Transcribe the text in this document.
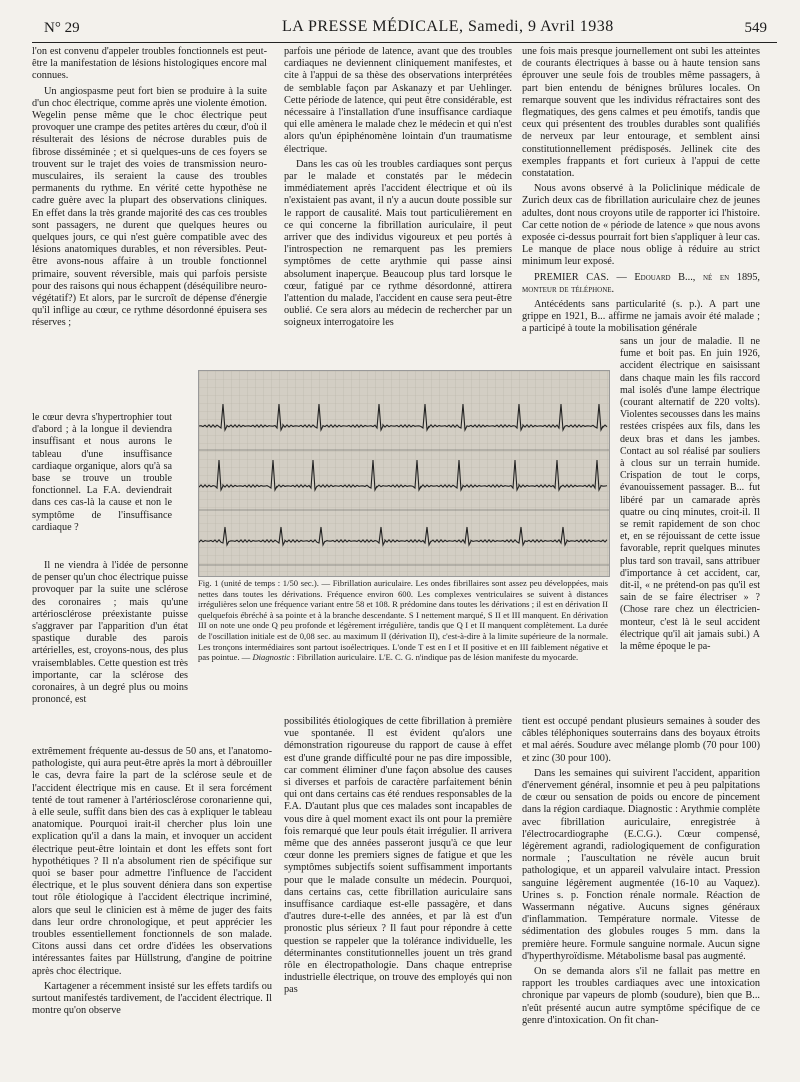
N° 29	LA PRESSE MÉDICALE, Samedi, 9 Avril 1938	549

l'on est convenu d'appeler troubles fonctionnels est peut-être la manifestation de lésions histologiques encore mal connues.

Un angiospasme peut fort bien se produire à la suite d'un choc électrique, comme après une violente émotion. Wegelin pense même que le choc électrique peut provoquer une crampe des petites artères du cœur, d'où il résulterait des lésions de nécrose durables puis de fibrose disséminée ; et si quelques-uns de ces foyers se trouvent sur le trajet des voies de transmission neuro-musculaires, ils seraient la cause des troubles permanents du rythme. En vérité cette hypothèse ne cadre guère avec la plupart des observations cliniques. En effet dans la très grande majorité des cas ces troubles sont passagers, ne durent que quelques heures ou quelques jours, ce qui n'est guère compatible avec des lésions anatomiques durables, et non réversibles. Peut-être avons-nous affaire à un trouble fonctionnel primaire, souvent réversible, mais qui parfois persiste pour des raisons qui nous échappent (déséquilibre neuro-végétatif?) Et alors, par le surcroît de dépense d'énergie qu'il inflige au cœur, ce rythme désordonné épuisera ses réserves ;

le cœur devra s'hypertrophier tout d'abord ; à la longue il deviendra insuffisant et nous aurons le tableau d'une insuffisance cardiaque organique, alors qu'à sa base se trouve un trouble fonctionnel. La F.A. deviendrait dans ces cas-là la cause et non le symptôme de l'insuffisance cardiaque ?

Il ne viendra à l'idée de personne de penser qu'un choc électrique puisse provoquer par la suite une sclérose des coronaires ; mais qu'une artériosclérose préexistante puisse s'aggraver par l'apparition d'un état spastique durable des parois artérielles, est, croyons-nous, des plus vraisemblables. Cette question est très importante, car la sclérose des coronaires, à un degré plus ou moins prononcé, est

extrêmement fréquente au-dessus de 50 ans, et l'anatomo-pathologiste, qui aura peut-être après la mort à débrouiller le cas, devra faire la part de la sclérose seule et de l'accident électrique mis en cause. Et il sera forcément tenté de tout ramener à l'artériosclérose coronarienne qui, à elle seule, suffit dans bien des cas à expliquer le tableau anatomique. Pourquoi irait-il chercher plus loin une explication qu'il a dans la main, et invoquer un accident électrique peut-être lointain et dont les effets sont fort hypothétiques ? Il n'a absolument rien de spécifique sur quoi se baser pour admettre l'influence de l'accident électrique, et le plus souvent déniera dans son expertise tout rôle étiologique à l'accident électrique incriminé, alors que seul le clinicien est à même de juger des faits dans leur ordre chronologique, et peut apprécier les troubles essentiellement fonctionnels de son malade. Citons aussi dans cet ordre d'idées les observations intéressantes faites par Hüllstrung, d'angine de poitrine après choc électrique.

Kartagener a récemment insisté sur les effets tardifs ou surtout manifestés tardivement, de l'accident électrique. Il montre qu'on observe

parfois une période de latence, avant que des troubles cardiaques ne deviennent cliniquement manifestes, et cite à l'appui de sa thèse des observations interprétées de semblable façon par Askanazy et par Uehlinger. Cette période de latence, qui peut être considérable, est nécessaire à l'installation d'une insuffisance cardiaque qui elle amènera le malade chez le médecin et qui n'est alors qu'un épiphénomène lointain d'un traumatisme électrique.

Dans les cas où les troubles cardiaques sont perçus par le malade et constatés par le médecin immédiatement après l'accident électrique et où ils n'existaient pas avant, il n'y a aucun doute possible sur le rapport de causalité. Mais tout particulièrement en ce qui concerne la fibrillation auriculaire, il peut arriver que des individus vigoureux et peu portés à l'introspection ne remarquent pas les premiers symptômes de cette arythmie qui passe ainsi absolument inaperçue. Beaucoup plus tard lorsque le cœur, fatigué par ce rythme désordonné, attirera l'attention du malade, l'accident en cause sera peut-être oublié. Ce sera alors au médecin de rechercher par un soigneux interrogatoire les

une fois mais presque journellement ont subi les atteintes de courants électriques à basse ou à haute tension sans éprouver une seule fois de troubles même passagers, à part bien entendu de bénignes brûlures locales. On remarque souvent que les individus réfractaires sont des flegmatiques, des gens calmes et peu émotifs, tandis que ceux qui présentent des troubles durables sont qualifiés de nerveux par leur entourage, et semblent ainsi constitutionnellement prédisposés. Jellinek cite des exemples frappants et fort curieux à l'appui de cette constatation.

Nous avons observé à la Policlinique médicale de Zurich deux cas de fibrillation auriculaire chez de jeunes adultes, dont nous croyons utile de rapporter ici l'histoire. Car cette notion de « période de latence » que nous avons exposée ci-dessus pourrait fort bien s'appliquer à leur cas. Le manque de place nous oblige à réduire au strict minimum leur exposé.

PREMIER CAS. — Edouard B..., né en 1895, monteur de téléphone.

Antécédents sans particularité (s. p.). A part une grippe en 1921, B... affirme ne jamais avoir été malade ; a participé à toute la mobilisation générale

sans un jour de maladie. Il ne fume et boit pas. En juin 1926, accident électrique en saisissant dans chaque main les fils raccord mal isolés d'une lampe électrique (courant alternatif de 220 volts). Violentes secousses dans les mains restées crispées aux fils, dans les deux bras et dans les jambes. Contact au sol réalisé par souliers à clous sur un terrain humide. Crispation de tout le corps, évanouissement passager. B... fut libéré par un camarade après quatre ou cinq minutes, croit-il. Il se remit rapidement de son choc et, en se réjouissant de cette issue favorable, reprit quelques minutes plus tard son travail, sans attribuer d'importance à cet accident, car, dit-il, « ne prétend-on pas qu'il est sain de se faire électriser » ? (Chose rare chez un électricien-monteur, c'est là le seul accident électrique qu'il ait jamais subi.) A la même époque le pa-

Fig. 1 (unité de temps : 1/50 sec.). — Fibrillation auriculaire. Les ondes fibrillaires sont assez peu développées, mais nettes dans toutes les dérivations. Fréquence environ 600. Les complexes ventriculaires se suivent à distances irrégulières selon une fréquence variant entre 58 et 108. R prédomine dans toutes les dérivations ; il est en dérivation II quelquefois ébréché à sa pointe et à la branche descendante. S I nettement marqué, S II et III manquent. En dérivation III on note une onde Q peu profonde et légèrement irrégulière, tandis que Q I et II manquent complètement. La durée de l'oscillation initiale est de 0,08 sec. au maximum II (dérivation II), c'est-à-dire à la limite supérieure de la normale. Les tronçons intermédiaires sont partout isoélectriques. L'onde T est en I et II positive et en III faiblement négative et pas pointue. — Diagnostic : Fibrillation auriculaire. L'E. C. G. n'indique pas de lésion manifeste du myocarde.

possibilités étiologiques de cette fibrillation à première vue spontanée. Il est évident qu'alors une démonstration rigoureuse du rapport de cause à effet est d'une grande difficulté pour ne pas dire impossible, car comment éliminer d'une façon absolue des causes si diverses et parfois de caractère parfaitement bénin qui ont dans certains cas été rendues responsables de la F.A. D'autant plus que ces malades sont incapables de vous dire à quel moment exact ils ont pour la première fois remarqué que leur pouls était irrégulier. Il arrivera même que des années passeront jusqu'à ce que leur cœur donne les premiers signes de fatigue et que les symptômes subjectifs soient suffisamment importants pour que le malade consulte un médecin. Pourquoi, dans certains cas, cette fibrillation auriculaire sans insuffisance cardiaque est-elle passagère, et dans d'autres dure-t-elle des années, et par là est d'un pronostic plus sérieux ? Il faut pour répondre à cette question se rappeler que la tolérance individuelle, les déterminantes constitutionnelles jouent un très grand rôle en électropathologie. Dans chaque entreprise industrielle électrique, on trouve des employés qui non pas

tient est occupé pendant plusieurs semaines à souder des câbles téléphoniques souterrains dans des boyaux étroits et mal aérés. Soudure avec mélange plomb (70 pour 100) et zinc (30 pour 100).

Dans les semaines qui suivirent l'accident, apparition d'énervement général, insomnie et peu à peu palpitations de cœur ou sensation de poids ou encore de pincement dans la région cardiaque. Diagnostic : Arythmie complète avec fibrillation auriculaire, enregistrée à l'électrocardiographe (E.C.G.). Cœur compensé, légèrement agrandi, radiologiquement de configuration normale ; l'auscultation ne révèle aucun bruit pathologique, et un appareil valvulaire intact. Pression sanguine légèrement augmentée (16-10 au Vaquez). Urines s. p. Fonction rénale normale. Réaction de Wassermann négative. Aucuns signes généraux d'inflammation. Température normale. Vitesse de sédimentation des globules rouges 5 mm. dans la première heure. Formule sanguine normale. Aucun signe d'hyperthyroïdisme. Métabolisme basal pas augmenté.

On se demanda alors s'il ne fallait pas mettre en rapport les troubles cardiaques avec une intoxication chronique par vapeurs de plomb (soudure), bien que B... n'eût présenté aucun autre symptôme spécifique de ce genre d'intoxication. On fit chan-
